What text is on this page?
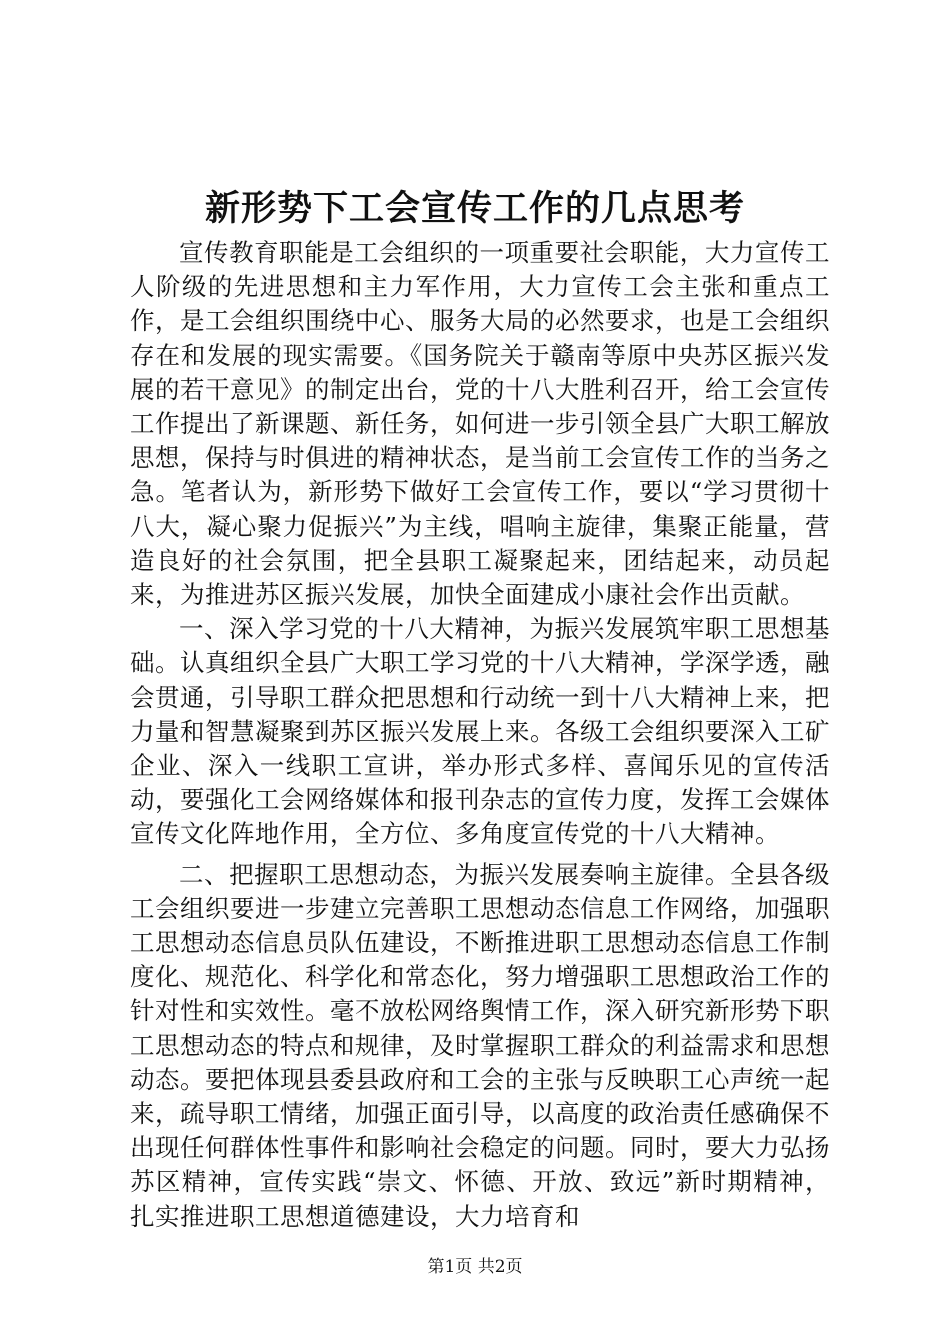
新形势下工会宣传工作的几点思考

宣传教育职能是工会组织的一项重要社会职能，大力宣传工人阶级的先进思想和主力军作用，大力宣传工会主张和重点工作，是工会组织围绕中心、服务大局的必然要求，也是工会组织存在和发展的现实需要。《国务院关于赣南等原中央苏区振兴发展的若干意见》的制定出台，党的十八大胜利召开，给工会宣传工作提出了新课题、新任务，如何进一步引领全县广大职工解放思想，保持与时俱进的精神状态，是当前工会宣传工作的当务之急。笔者认为，新形势下做好工会宣传工作，要以“学习贯彻十八大，凝心聚力促振兴”为主线，唱响主旋律，集聚正能量，营造良好的社会氛围，把全县职工凝聚起来，团结起来，动员起来，为推进苏区振兴发展，加快全面建成小康社会作出贡献。

一、深入学习党的十八大精神，为振兴发展筑牢职工思想基础。认真组织全县广大职工学习党的十八大精神，学深学透，融会贯通，引导职工群众把思想和行动统一到十八大精神上来，把力量和智慧凝聚到苏区振兴发展上来。各级工会组织要深入工矿企业、深入一线职工宣讲，举办形式多样、喜闻乐见的宣传活动，要强化工会网络媒体和报刊杂志的宣传力度，发挥工会媒体宣传文化阵地作用，全方位、多角度宣传党的十八大精神。

二、把握职工思想动态，为振兴发展奏响主旋律。全县各级工会组织要进一步建立完善职工思想动态信息工作网络，加强职工思想动态信息员队伍建设，不断推进职工思想动态信息工作制度化、规范化、科学化和常态化，努力增强职工思想政治工作的针对性和实效性。毫不放松网络舆情工作，深入研究新形势下职工思想动态的特点和规律，及时掌握职工群众的利益需求和思想动态。要把体现县委县政府和工会的主张与反映职工心声统一起来，疏导职工情绪，加强正面引导，以高度的政治责任感确保不出现任何群体性事件和影响社会稳定的问题。同时，要大力弘扬苏区精神，宣传实践“崇文、怀德、开放、致远”新时期精神，扎实推进职工思想道德建设，大力培育和

第1页 共2页
